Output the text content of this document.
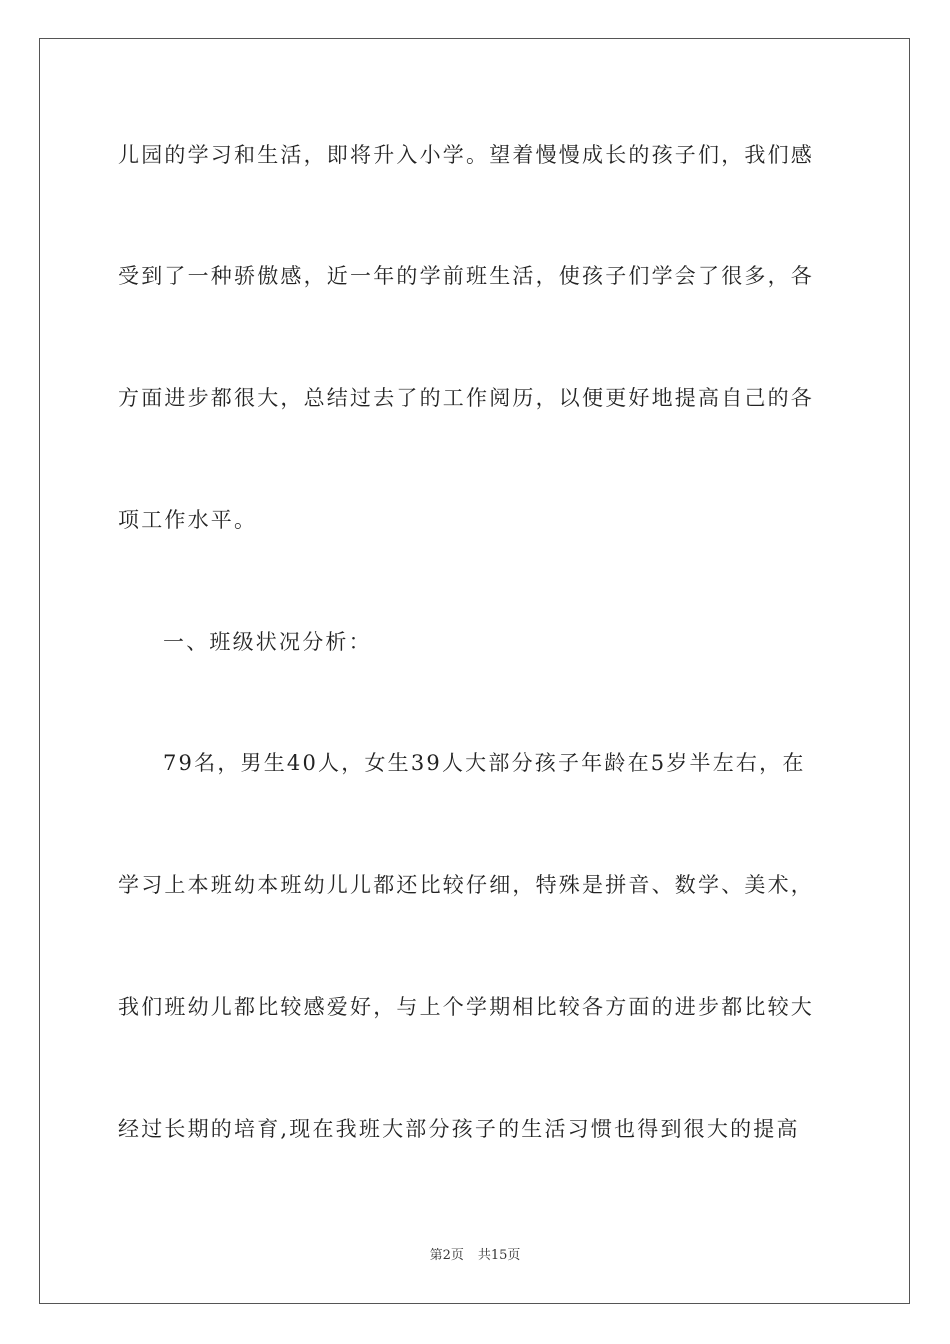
儿园的学习和生活，即将升入小学。望着慢慢成长的孩子们，我们感
受到了一种骄傲感，近一年的学前班生活，使孩子们学会了很多，各
方面进步都很大，总结过去了的工作阅历，以便更好地提高自己的各
项工作水平。
一、班级状况分析：
79名，男生40人，女生39人大部分孩子年龄在5岁半左右，在
学习上本班幼本班幼儿儿都还比较仔细，特殊是拼音、数学、美术，
我们班幼儿都比较感爱好，与上个学期相比较各方面的进步都比较大
经过长期的培育,现在我班大部分孩子的生活习惯也得到很大的提高
第2页 共15页
